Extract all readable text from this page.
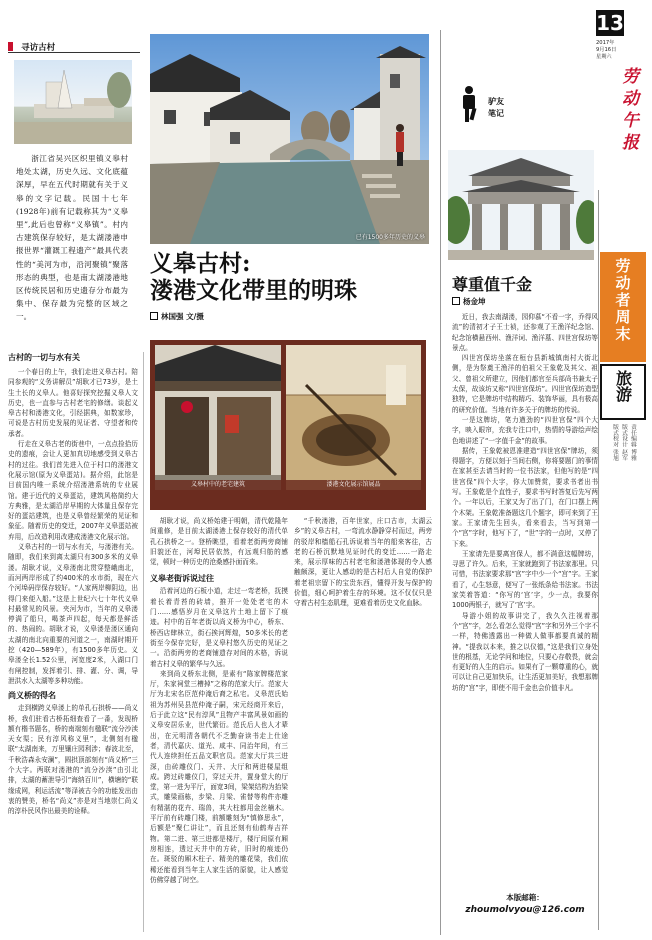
寻访古村
13
2017年
9月16日
星期六
劳
动
午
报

浙江省吴兴区织里镇义皋村地处太湖，历史久远、文化底蕴深厚，早在五代时期就有关于义皋的文字记载。民国十七年(1928年)前有记载称其为“义皋里”,此后也曾称“义皋镇”。村内古建筑保存较好，是太湖溇港申报世界“灌溉工程遗产”最具代表性的“美河为市，沿河聚镇”聚落形态的典型，也是南太湖溇港地区传统民居和历史遗存分布最为集中、保存最为完整的区域之一。

已有1500多年历史的义皋
义皋古村:
溇港文化带里的明珠
林国强 文/摄
义皋村中的老宅建筑	溇港文化展示馆展品
古村的一切与水有关

一个春日的上午，我们走进义皋古村。陪同参观的“义务讲解员”胡耿才已73岁，是土生土长的义皋人。他喜好探究挖掘义皋人文历史，也一直参与古村老宅的修缮。谈起义皋古村和溇港文化，引经据典，如数家珍，可说是古村历史发展的见证者、守望者和传承者。

行走在义皋古老的街巷中，一点点捡拾历史的遗痕，会让人更加真切地感受到义皋古村的过往。我们首先进入位于村口的溇港文化展示馆(原为义皋蛋站)。据介绍，此馆是目前国内唯一系统介绍溇港系统的专业展馆。建于近代的义皋蛋站，建筑风格简约大方典雅，是太湖沿岸早期的大体量且保存完好的蛋站建筑，也是义皋曾经繁荣的见证和象征。随着历史的变迁，2007年义皋蛋站被弃用，后改造利用改建成溇港文化展示馆。

义皋古村的一切与水有关，与溇港有关。随即，我们来到离太湖只有300多米的义皋溇。胡耿才说，义皋溇南北贯穿整峨南北，而河两岸形成了约400米的水市街，现在六个河埠码岸保存较好。“人家两岸柳阴边，出得门来便入船。”这是上世纪六七十年代义皋村最常见的风景。夹河为市，当年的义皋溇停满了船只，喝茶声四起，每天都是鲜活的、热闹的。胡耿才说，义皋溇是溇区通向太湖的南北向重要的河道之一，南湖时期开挖（420—589年），有1500多年历史。义皋溇全长1.52公里，河宽度2米，入湖口门有闸控制，发挥着引、排、灌、分、调，导泄洪水入太湖等多种功能。

尚义桥的得名

走到横跨义皋溇上的单孔石拱桥——尚义桥，我们驻看古桥拓细查看了一番，发现桥额有楷书题名，桥的南端刻有楹联“流分沙渎天女渠；民有淳风称义里”，北侧刻有楹联“太湖南来，万里镶庄园利涉；春波北至，千秋浩森永安澜”，圆拱顶部刻有“尚义桥”三个大字。两联对溇港的“流分沙渎”由引北排，太湖的蓄泄导引“海纳百川”，横塘的“联缘成网，利运活流”等泽被古今的功能发出由衷的赞美，桥名“尚义”亦是对当地崇仁尚义的淳朴民风作出最美的诠释。

胡耿才说，尚义桥始建于明朝，清代乾隆年间重修，是目前太湖溇港上保存较好的清代单孔石拱桥之一。登桥眺望，看着老街两旁商铺旧貌还在，河埠民居依然，有远观归舫的感觉，顿时一种历史的沧桑感扑面而来。

义皋老街诉说过往

沿着河边的石板小道，走过一弯老桥，抚摸着长着青苔的砖墙，推开一处处老宅的木门……感悟岁月在义皋这片土地上留下了痕迹。村中的百年老街以尚义桥为中心，桥东、桥西店肆林立，街石挨河辉煌，50多米长的老街至今保存完好，是义皋村悠久历史的见证之一。沿街两旁的老商铺遗存对间的木格，诉说着古村义皋的繁华与久远。

来到尚义桥东北侧，是素有“陈家牌楼范家厅，朱家祠堂三槽掉”之称的范家大厅。范家大厅为北宋名臣范仲淹后裔之私宅。义皋范氏始祖为苏州吴县范仲淹子嗣，宋元经商开来后，后于此立这“民有淳风”且物产丰富风景如画的义皋安居乐业，世代繁衍。范氏后人也人才辈出，在元明清各朝代不乏勤奋读书走上仕途者，清代嘉庆、道光、咸丰、同治年间，有三代人连续担任五品文职官员。范家大厅共三进深，由砖雕仪门、天井、大厅和两进楼屋组成。跨过砖雕仪门，穿过天井，置身堂大的厅堂，第一进为平厅，面宽3间，梁架结构为抬梁式，雕梁画栋，步梁、月梁、雀替等构件亦雕有精湛的花卉、瑞兽，其大柱都用金丝楠木。平厅前有砖雕门楼，前额雕刻为“慎修思永”，后额是“聚仁讲让”，而且还刻有仙鹤寿吉祥物。第二进、第三进都是楼厅，楼厅间原有厢房相连，透过天井中的方砖，旧时的痕迹仍在。斑驳的厢木柱子、精美的雕花梁，我们依稀还能看到当年主人家生活的原貌，让人感觉仿佛穿越了时空。

“千秋溇港，百年世家，庄口古市，太湖云乡”的义皋古村，一弯流水静静穿村而过，两旁的驳岸和樯船石孔诉说着当年的船来客往，古老的石桥沉默地见证时代的变迁……一路走来，展示厚味的古村老宅和溇港体现的令人感触颇深，更让人感动的是古村后人自觉的保护着老祖宗留下的宝贵东西，懂得开发与保护的价值，细心呵护着生存的环境。这不仅仅只是守着古村生态肌理，更难看着历史文化血脉。

驴友
笔记
尊重值千金
杨金坤

近日，我去南湖溇，园仰慕“不看一字，乔得风流”的清初才子王士祯，还参观了王渔洋纪念馆、纪念馆横悬西州、渔洋词、渔洋墓、四世宫保坊等景点。

四世宫保坊坐落在桓台县新城镇南村大街北侧，是为祭奠王渔洋的伯祖父王象乾及其父、祖父、曾祖父所建立，因他们都官至兵部尚书兼太子太保，故该坊又称“四世宫保坊”。四世宫保坊造型独特，它是牌坊中结构精巧、装饰华丽，具有极高的研究价值。当地有许多关于的牌坊的传说。

一是这牌坊，笔力遒劲的“四世宫保”四个大字，映入眼帘，充我专注口中，热情的导游绘声绘色地讲述了“一字值千金”的故事。

据传，王象乾被恩准建造“四世宫保”牌坊，须得题字，方便以刻于当间右侧，你将要题门的事情在家甚至去请当时的一位书法家，但他写的是“四世宫保”四个大字，你大加赞赏，要求书者出书写。王象乾是个直性子，要求书写时答复后先写两个。一年以后，王家又为了出了门，在门口摆上两个木架。王象乾准备题这几个题字，即可来到了王家。王家请先生回头，看来看去，当写到第一个“宫”字时，他写下了，“世”字的一点时，又停了下来。

王家请先是要离宫保人，都不满意这幅牌坊，寻思了许久。后来，王家就跑到了书法家那里。只可惜，书法家要求那“宫”字中少一个“宫”字。王家看了，心生怒意，便写了一张纸条给书法家。书法家笑着答道：“你写的‘宫’字，少一点，我要你1000两银子，就写了‘宫’字。

导游小姐的故事讲完了，我久久注视着那个“宫”字，怎么看怎么觉得“宫”字和另外三个字不一样，特佛透露出一种做人做事都要真诚的精神。“提我以本来，推之以仪德，”这是我们立身处世的根基，无论学问和地位，只要心存敬畏，就会有更好的人生的启示。如果有了一颗尊重的心，就可以让自己更加快乐，让生活更加美好，我想那牌坊的“宫”字，即使不用千金也会价值非凡。

本版邮箱：
zhoumolvyou@126.com
劳动者周末
旅游
责任编辑 博雅
版式设计 赵军
版式校对 张旭
